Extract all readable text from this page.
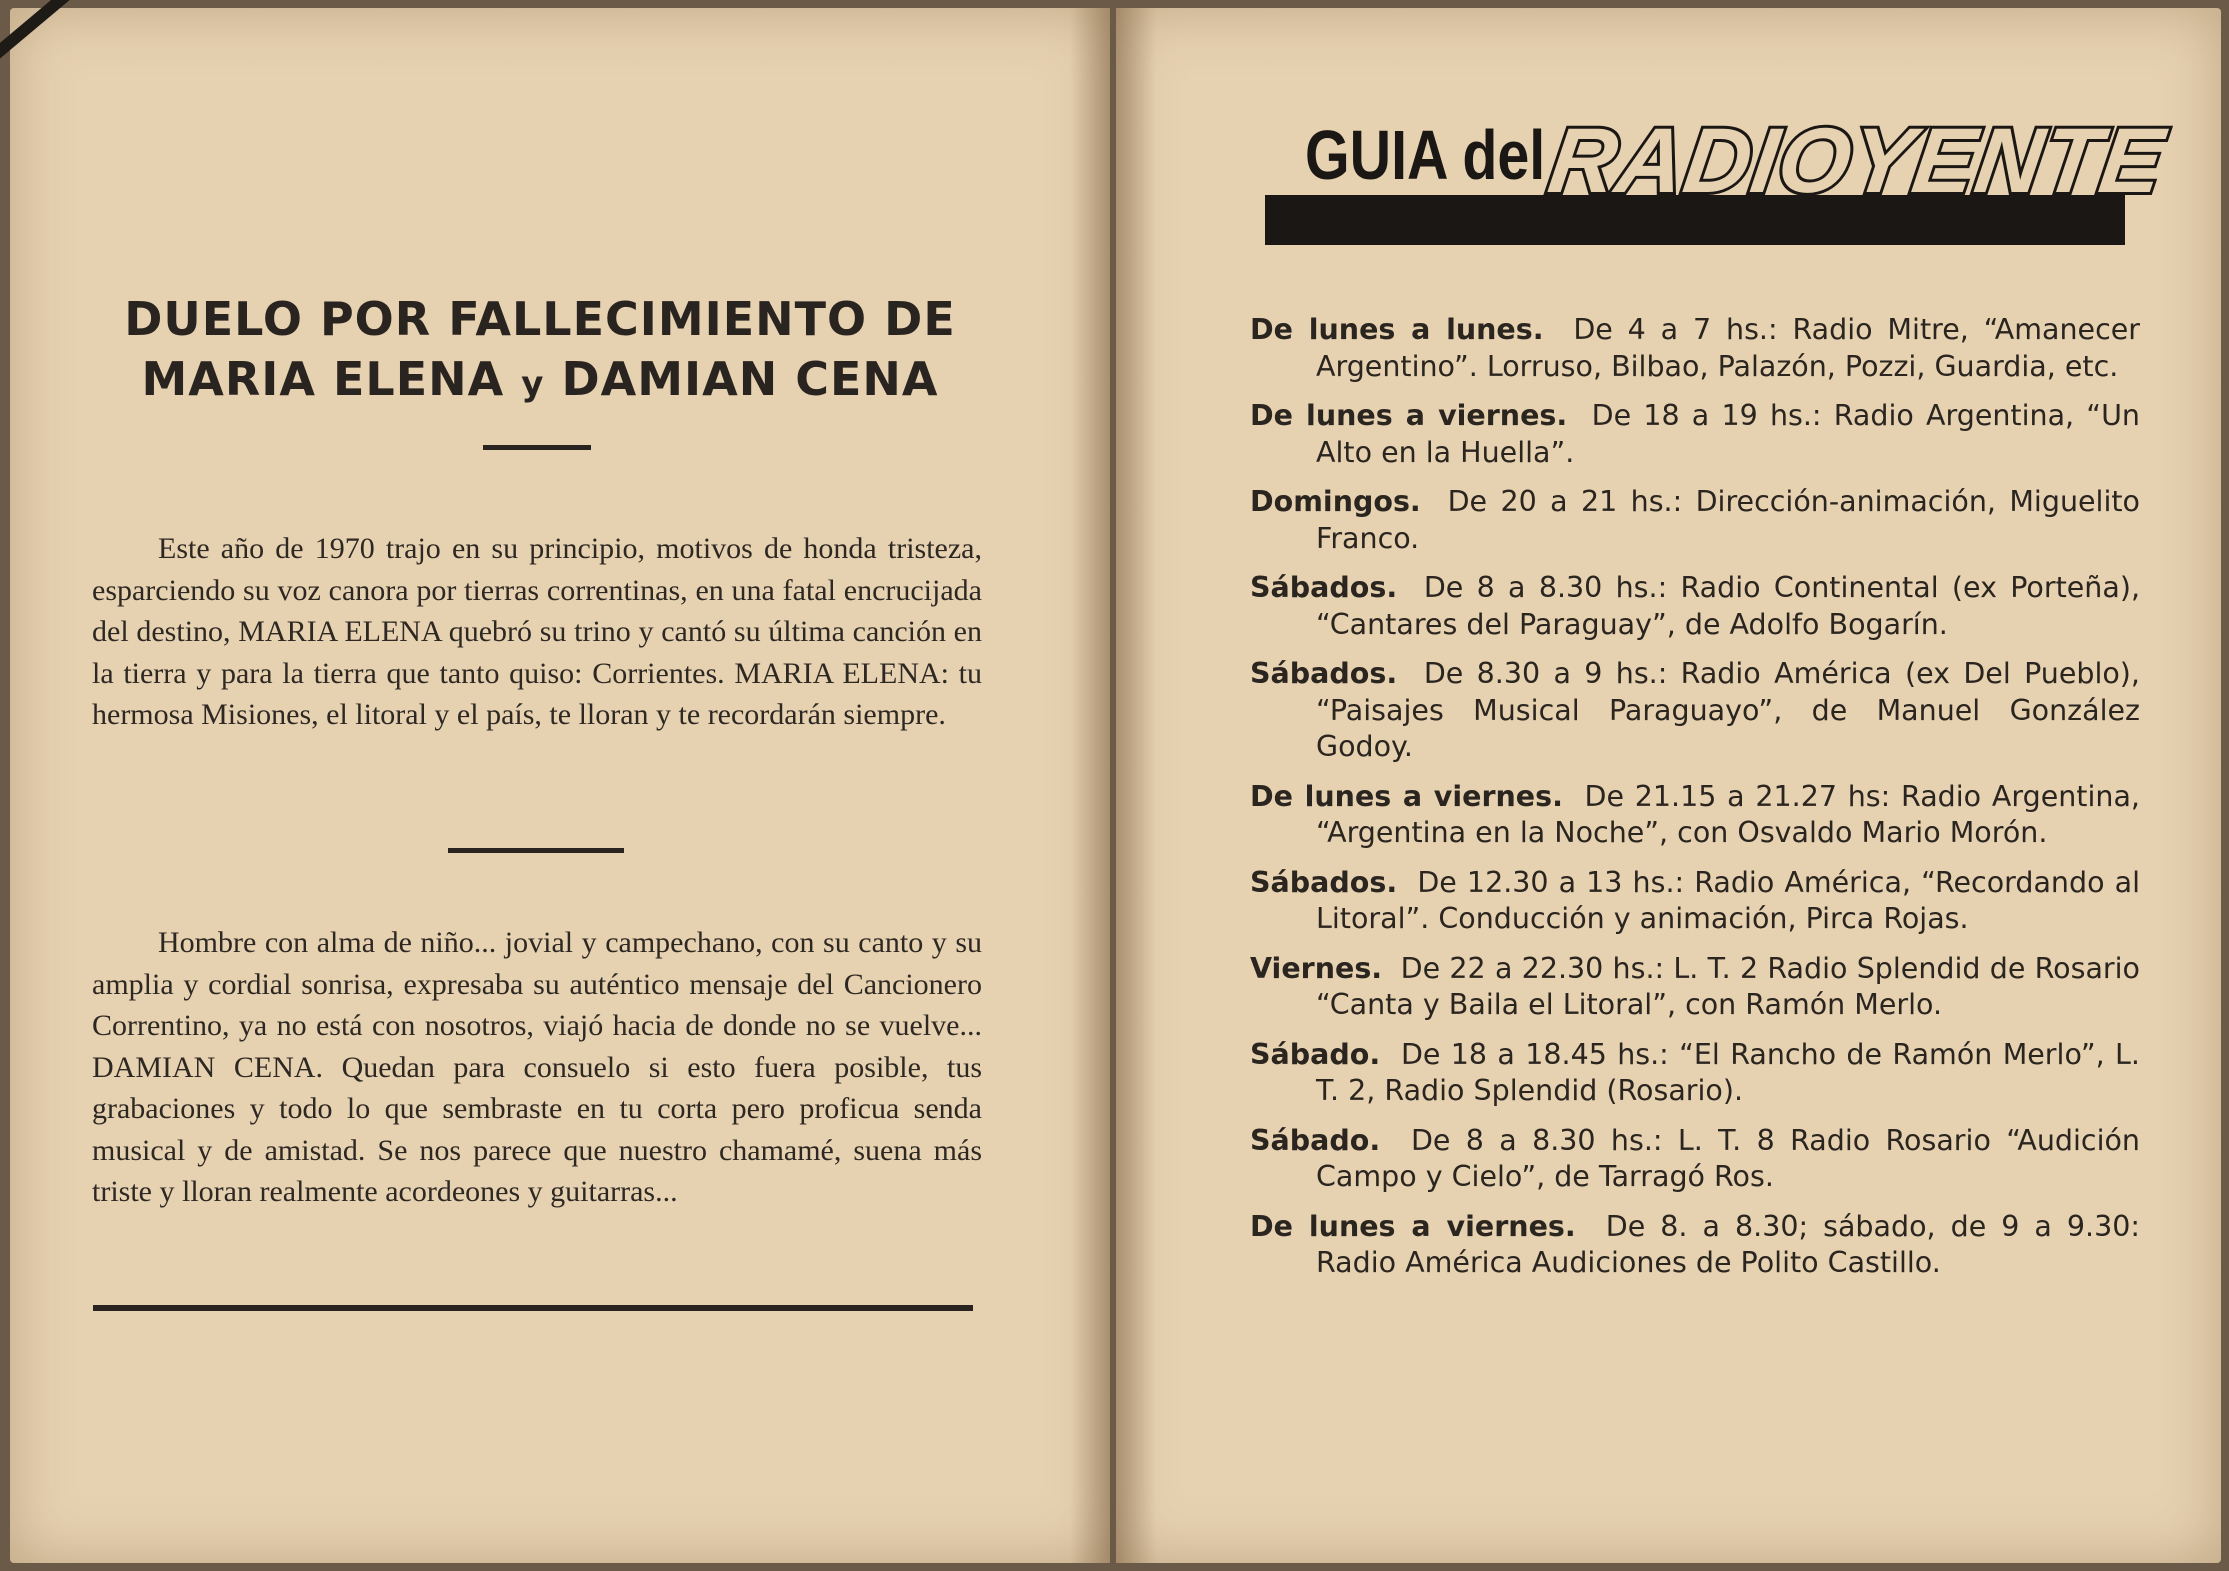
DUELO POR FALLECIMIENTO DE
MARIA ELENA y DAMIAN CENA
Este año de 1970 trajo en su principio, motivos de honda tristeza, esparciendo su voz canora por tierras correntinas, en una fatal encrucijada del destino, MARIA ELENA quebró su trino y cantó su última canción en la tierra y para la tierra que tanto quiso: Corrientes. MARIA ELENA: tu hermosa Misiones, el litoral y el país, te lloran y te recordarán siempre.
Hombre con alma de niño... jovial y campechano, con su canto y su amplia y cordial sonrisa, expresaba su auténtico mensaje del Cancionero Correntino, ya no está con nosotros, viajó hacia de donde no se vuelve... DAMIAN CENA. Quedan para consuelo si esto fuera posible, tus grabaciones y todo lo que sembraste en tu corta pero proficua senda musical y de amistad. Se nos parece que nuestro chamamé, suena más triste y lloran realmente acordeones y guitarras...
GUIA del
RADIOYENTE
De lunes a lunes. De 4 a 7 hs.: Radio Mitre, “Amanecer Argentino”. Lorruso, Bilbao, Palazón, Pozzi, Guardia, etc.
De lunes a viernes. De 18 a 19 hs.: Radio Argentina, “Un Alto en la Huella”.
Domingos. De 20 a 21 hs.: Dirección-animación, Miguelito Franco.
Sábados. De 8 a 8.30 hs.: Radio Continental (ex Porteña), “Cantares del Paraguay”, de Adolfo Bogarín.
Sábados. De 8.30 a 9 hs.: Radio América (ex Del Pueblo), “Paisajes Musical Paraguayo”, de Manuel González Godoy.
De lunes a viernes. De 21.15 a 21.27 hs: Radio Argentina, “Argentina en la Noche”, con Osvaldo Mario Morón.
Sábados. De 12.30 a 13 hs.: Radio América, “Recordando al Litoral”. Conducción y animación, Pirca Rojas.
Viernes. De 22 a 22.30 hs.: L. T. 2 Radio Splendid de Rosario “Canta y Baila el Litoral”, con Ramón Merlo.
Sábado. De 18 a 18.45 hs.: “El Rancho de Ramón Merlo”, L. T. 2, Radio Splendid (Rosario).
Sábado. De 8 a 8.30 hs.: L. T. 8 Radio Rosario “Audición Campo y Cielo”, de Tarragó Ros.
De lunes a viernes. De 8. a 8.30; sábado, de 9 a 9.30: Radio América Audiciones de Polito Castillo.
